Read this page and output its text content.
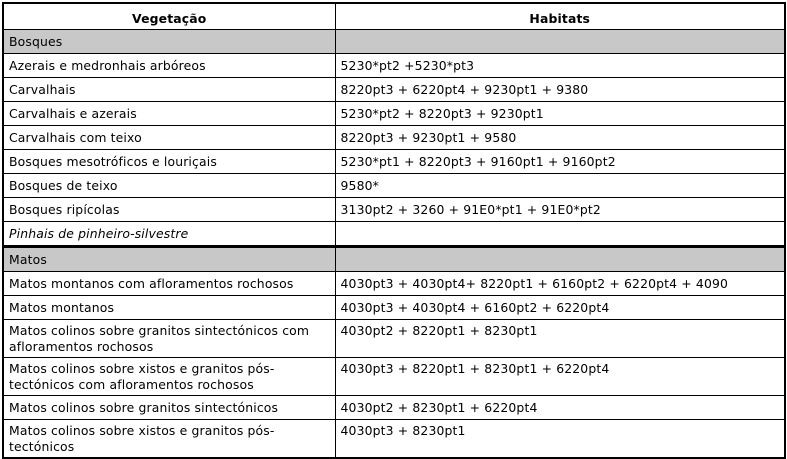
Vegetação	Habitats
Bosques	
Azerais e medronhais arbóreos	5230*pt2 +5230*pt3
Carvalhais	8220pt3 + 6220pt4 + 9230pt1 + 9380
Carvalhais e azerais	5230*pt2 + 8220pt3 + 9230pt1
Carvalhais com teixo	8220pt3 + 9230pt1 + 9580
Bosques mesotróficos e louriçais	5230*pt1 + 8220pt3 + 9160pt1 + 9160pt2
Bosques de teixo	9580*
Bosques ripícolas	3130pt2 + 3260 + 91E0*pt1 + 91E0*pt2
Pinhais de pinheiro-silvestre	
Matos	
Matos montanos com afloramentos rochosos	4030pt3 + 4030pt4+ 8220pt1 + 6160pt2 + 6220pt4 + 4090
Matos montanos	4030pt3 + 4030pt4 + 6160pt2 + 6220pt4
Matos colinos sobre granitos sintectónicos com afloramentos rochosos	4030pt2 + 8220pt1 + 8230pt1
Matos colinos sobre xistos e granitos pós-tectónicos com afloramentos rochosos	4030pt3 + 8220pt1 + 8230pt1 + 6220pt4
Matos colinos sobre granitos sintectónicos	4030pt2 + 8230pt1 + 6220pt4
Matos colinos sobre xistos e granitos pós-tectónicos	4030pt3 + 8230pt1
